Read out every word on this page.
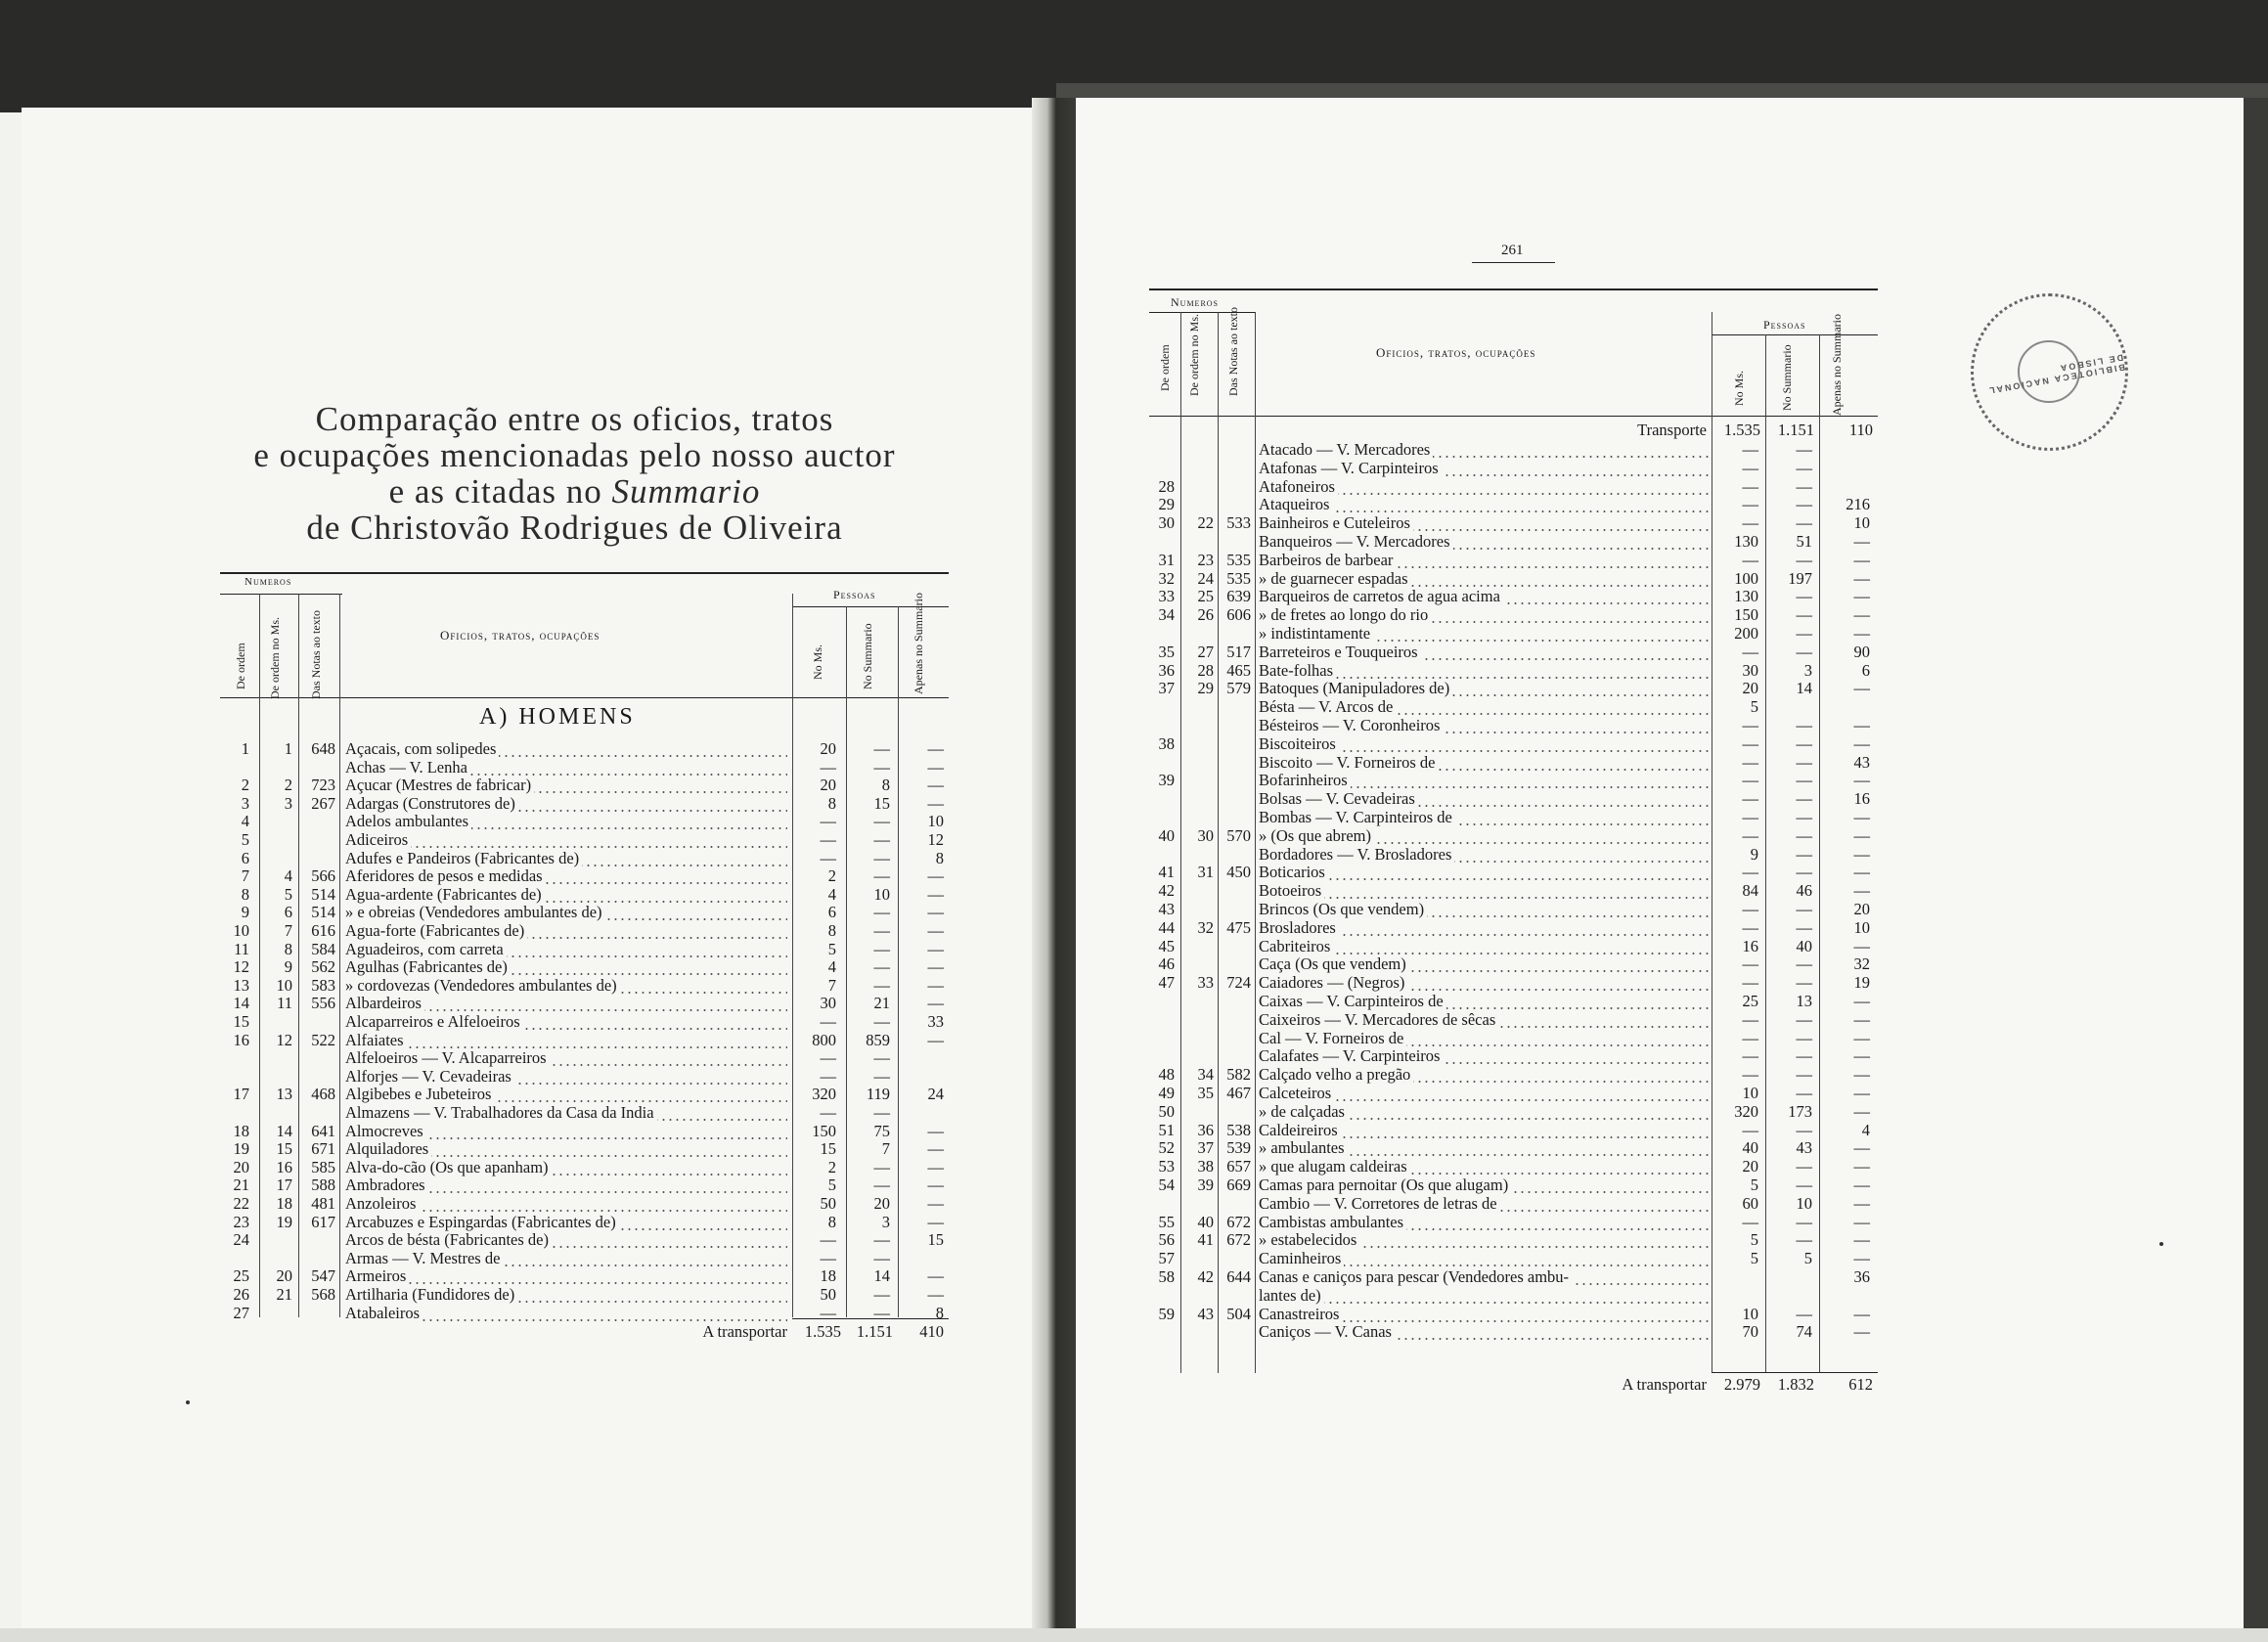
Comparação entre os oficios, tratos
e ocupações mencionadas pelo nosso auctor
e as citadas no Summario
de Christovão Rodrigues de Oliveira
Numeros
Pessoas
Oficios, tratos, ocupações
De ordem De ordem no Ms. Das Notas ao texto	No Ms.	No Summario	Apenas no Summario
A) HOMENS
1	1	648 Açacais, com solipedes	20	—	—
Achas — V. Lenha	—	—	—
2	2	723 Açucar (Mestres de fabricar)	20	8	—
3	3	267 Adargas (Construtores de)	8	15	—
4	Adelos ambulantes	—	—	10
5	Adiceiros	—	—	12
6	Adufes e Pandeiros (Fabricantes de)	—	—	8
7	4	566 Aferidores de pesos e medidas	2	—	—
8	5	514 Agua-ardente (Fabricantes de)	4	10	—
9	6	514 » e obreias (Vendedores ambulantes de)	6	—	—
10	7	616 Agua-forte (Fabricantes de)	8	—	—
11	8	584 Aguadeiros, com carreta	5	—	—
12	9	562 Agulhas (Fabricantes de)	4	—	—
13	10	583 » cordovezas (Vendedores ambulantes de)	7	—	—
14	11	556 Albardeiros	30	21	—
15	Alcaparreiros e Alfeloeiros	—	—	33
16	12	522 Alfaiates	800	859	—
Alfeloeiros — V. Alcaparreiros	—	—
Alforjes — V. Cevadeiras	—	—
17	13	468 Algibebes e Jubeteiros	320	119	24
Almazens — V. Trabalhadores da Casa da India	—	—
18	14	641 Almocreves	150	75	—
19	15	671 Alquiladores	15	7	—
20	16	585 Alva-do-cão (Os que apanham)	2	—	—
21	17	588 Ambradores	5	—	—
22	18	481 Anzoleiros	50	20	—
23	19	617 Arcabuzes e Espingardas (Fabricantes de)	8	3	—
24	Arcos de bésta (Fabricantes de)	—	—	15
Armas — V. Mestres de	—	—
25	20	547 Armeiros	18	14	—
26	21	568 Artilharia (Fundidores de)	50	—	—
27	Atabaleiros	—	—	8
A transportar	1.535 1.151	410
261
Numeros
Pessoas
Oficios, tratos, ocupações
De ordem De ordem no Ms. Das Notas ao texto	No Ms.	No Summario	Apenas no Summario
Transporte	1.535	1.151	110
Atacado — V. Mercadores	—	—
Atafonas — V. Carpinteiros	—	—
28	Atafoneiros	—	—
29	Ataqueiros	—	—	216
30	22 533 Bainheiros e Cuteleiros	—	—	10
Banqueiros — V. Mercadores	130	51	—
31	23 535 Barbeiros de barbear	—	—	—
32	24 535 » de guarnecer espadas	100	197	—
33	25 639 Barqueiros de carretos de agua acima	130	—	—
34	26 606 » de fretes ao longo do rio	150	—	—
» indistintamente	200	—	—
35	27 517 Barreteiros e Touqueiros	—	—	90
36	28 465 Bate-folhas	30	3	6
37	29 579 Batoques (Manipuladores de)	20	14	—
Bésta — V. Arcos de	5
Bésteiros — V. Coronheiros	—	—	—
38	Biscoiteiros	—	—	—
Biscoito — V. Forneiros de	—	—	43
39	Bofarinheiros	—	—	—
Bolsas — V. Cevadeiras	—	—	16
Bombas — V. Carpinteiros de	—	—	—
40	30 570 » (Os que abrem)	—	—	—
Bordadores — V. Brosladores	9	—	—
41	31 450 Boticarios	—	—	—
42	Botoeiros	84	46	—
43	Brincos (Os que vendem)	—	—	20
44	32 475 Brosladores	—	—	10
45	Cabriteiros	16	40	—
46	Caça (Os que vendem)	—	—	32
47	33 724 Caiadores — (Negros)	—	—	19
Caixas — V. Carpinteiros de	25	13	—
Caixeiros — V. Mercadores de sêcas	—	—	—
Cal — V. Forneiros de	—	—	—
Calafates — V. Carpinteiros	—	—	—
48	34 582 Calçado velho a pregão	—	—	—
49	35 467 Calceteiros	10	—	—
50	» de calçadas	320	173	—
51	36 538 Caldeireiros	—	—	4
52	37 539 » ambulantes	40	43	—
53	38 657 » que alugam caldeiras	20	—	—
54	39 669 Camas para pernoitar (Os que alugam)	5	—	—
Cambio — V. Corretores de letras de	60	10	—
55	40 672 Cambistas ambulantes	—	—	—
56	41 672 » estabelecidos	5	—	—
57	Caminheiros	5	5	—
58	42 644 Canas e caniços para pescar (Vendedores ambu-	36
lantes de)
59	43 504 Canastreiros	10	—	—
Caniços — V. Canas	70	74	—
A transportar	2.979	1.832	612
BIBLIOTECA NACIONAL DE LISBOA
